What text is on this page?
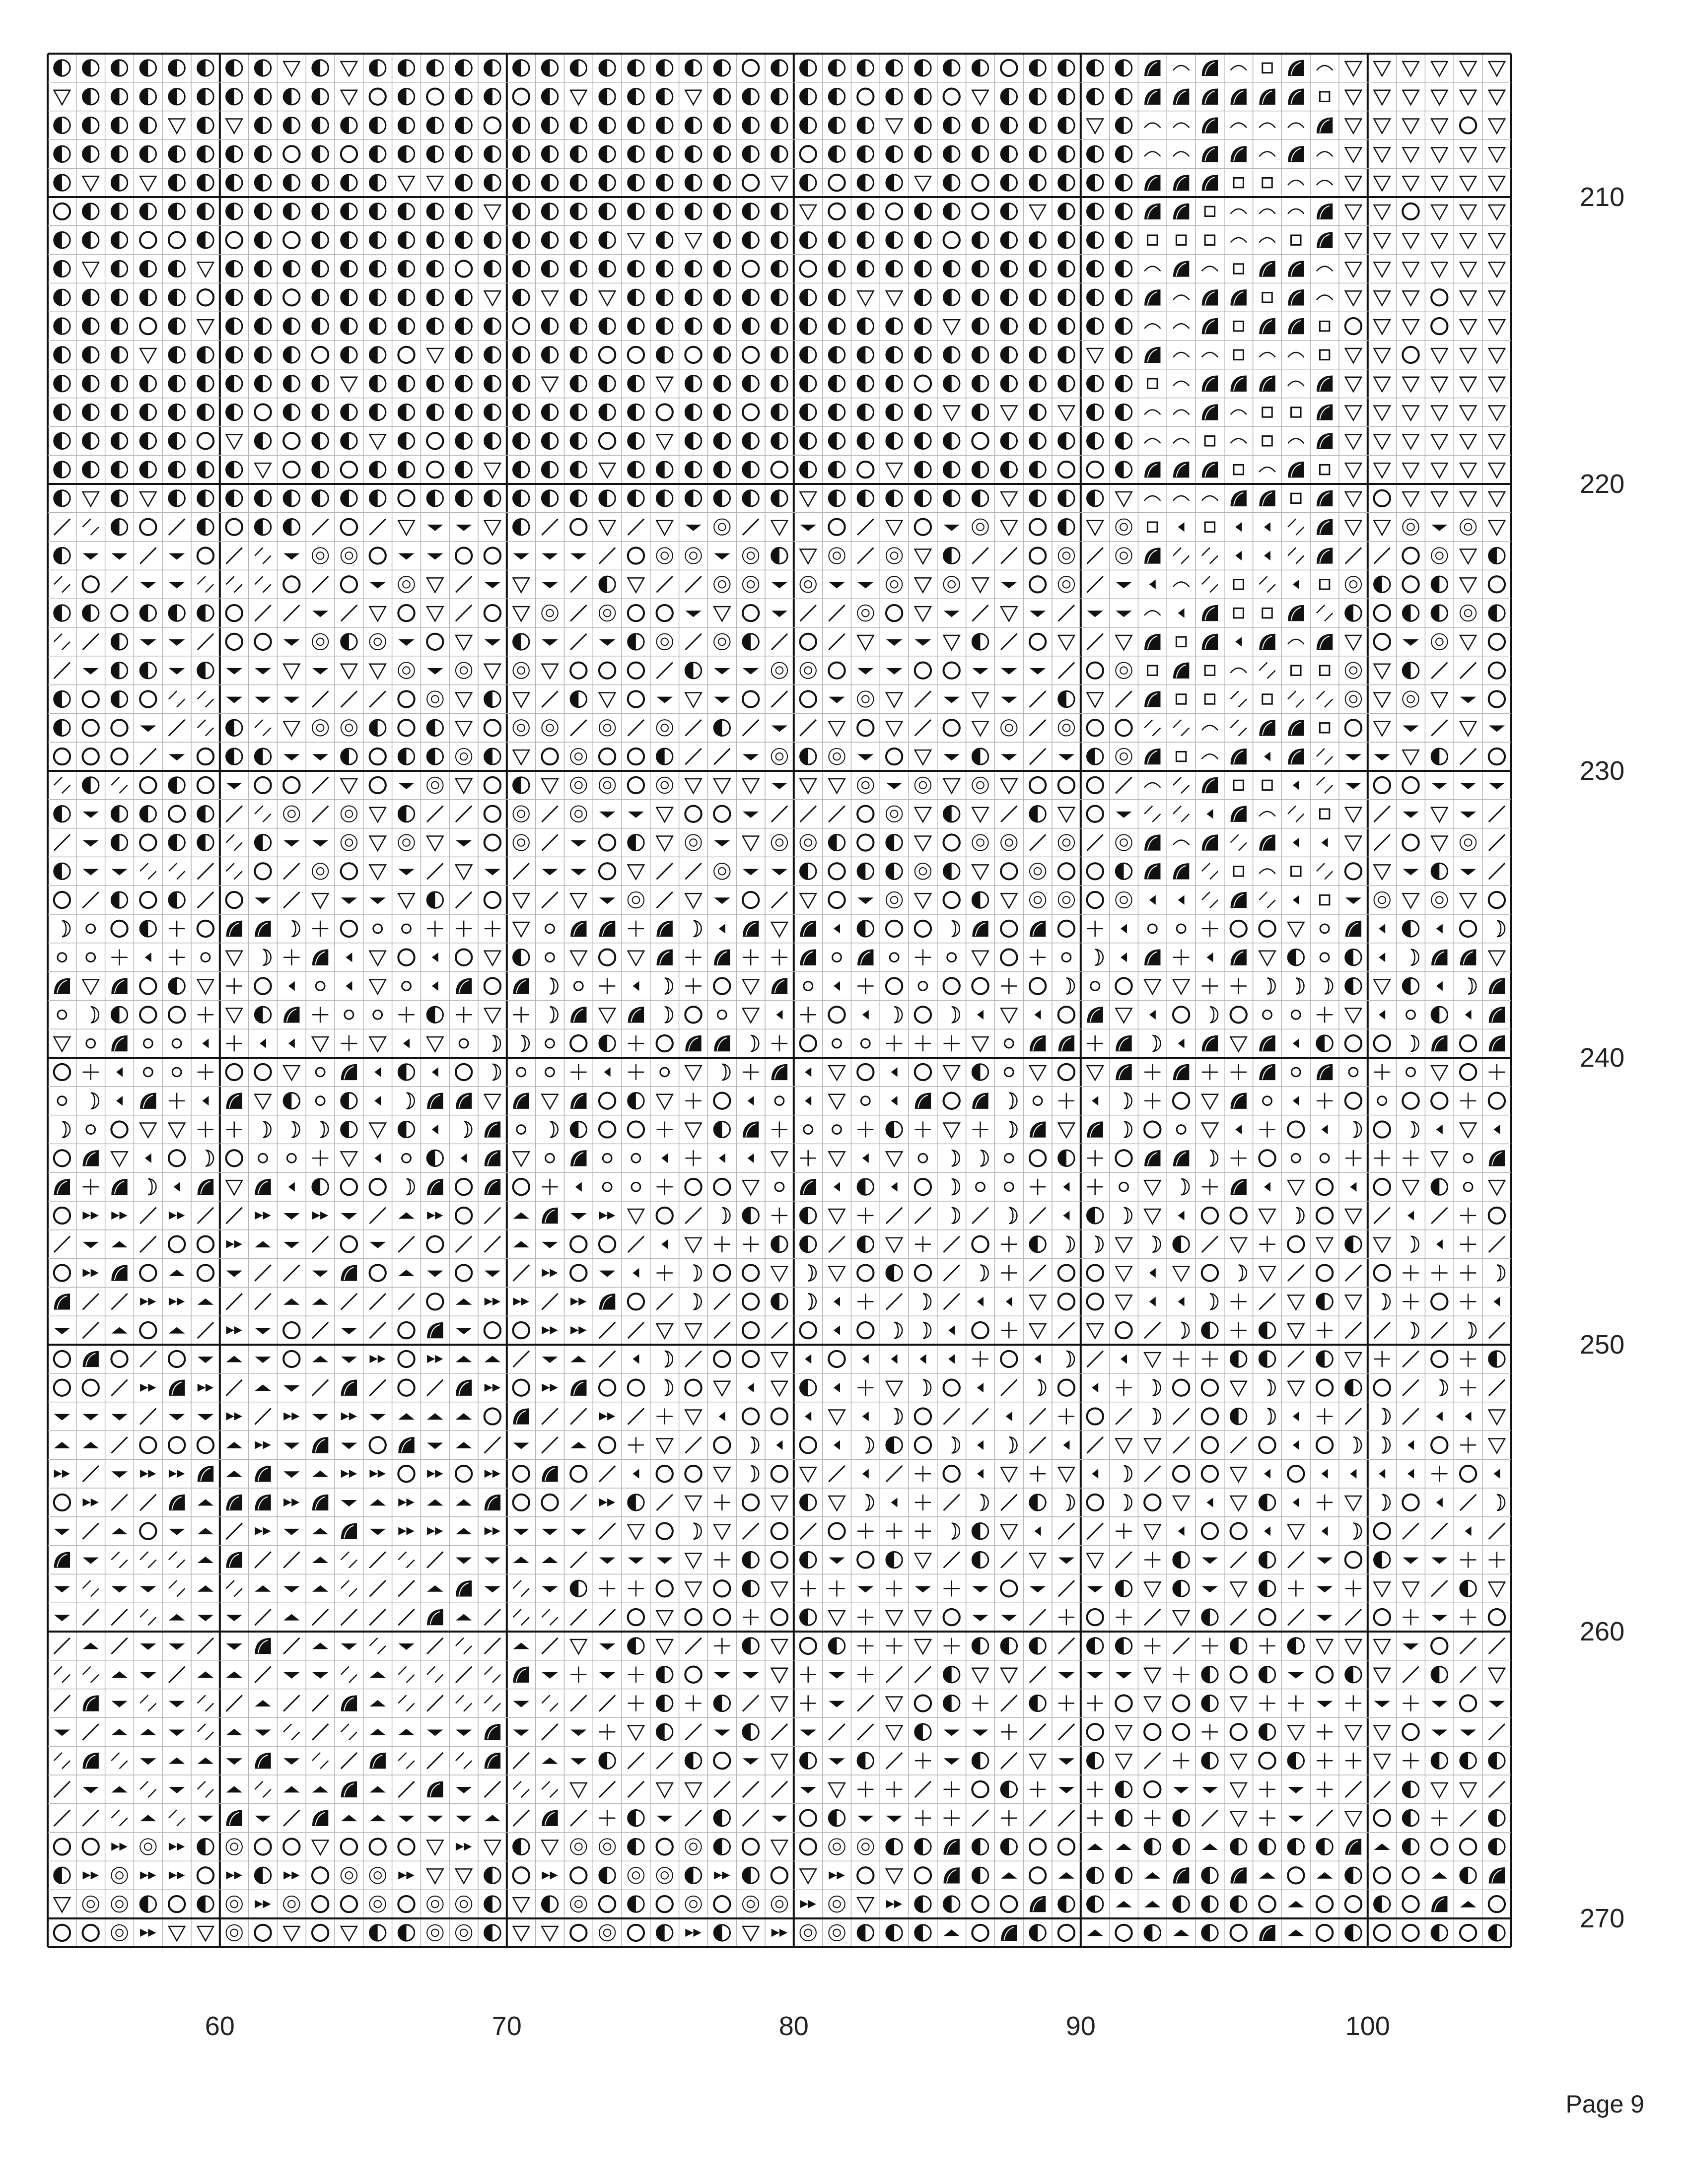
60	70	80	90	100
210
220
230
240
250
260
270
Page 9
